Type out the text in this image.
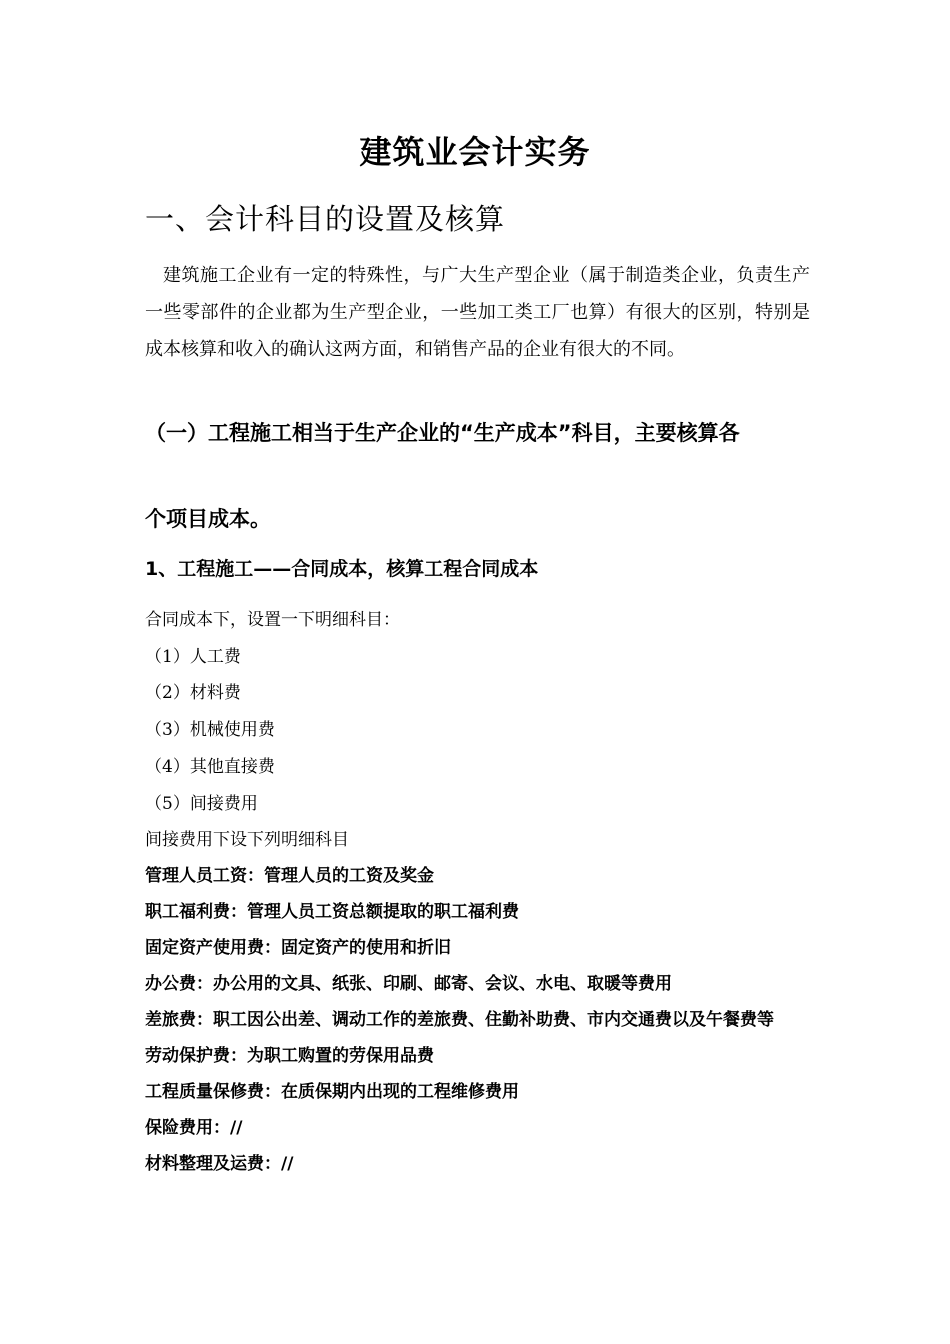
建筑业会计实务
一、会计科目的设置及核算
建筑施工企业有一定的特殊性，与广大生产型企业（属于制造类企业，负责生产一些零部件的企业都为生产型企业，一些加工类工厂也算）有很大的区别，特别是成本核算和收入的确认这两方面，和销售产品的企业有很大的不同。
（一）工程施工相当于生产企业的“生产成本”科目，主要核算各
个项目成本。
1、工程施工——合同成本，核算工程合同成本
合同成本下，设置一下明细科目：
（1）人工费
（2）材料费
（3）机械使用费
（4）其他直接费
（5）间接费用
间接费用下设下列明细科目
管理人员工资：管理人员的工资及奖金
职工福利费：管理人员工资总额提取的职工福利费
固定资产使用费：固定资产的使用和折旧
办公费：办公用的文具、纸张、印刷、邮寄、会议、水电、取暖等费用
差旅费：职工因公出差、调动工作的差旅费、住勤补助费、市内交通费以及午餐费等
劳动保护费：为职工购置的劳保用品费
工程质量保修费：在质保期内出现的工程维修费用
保险费用：//
材料整理及运费：//
